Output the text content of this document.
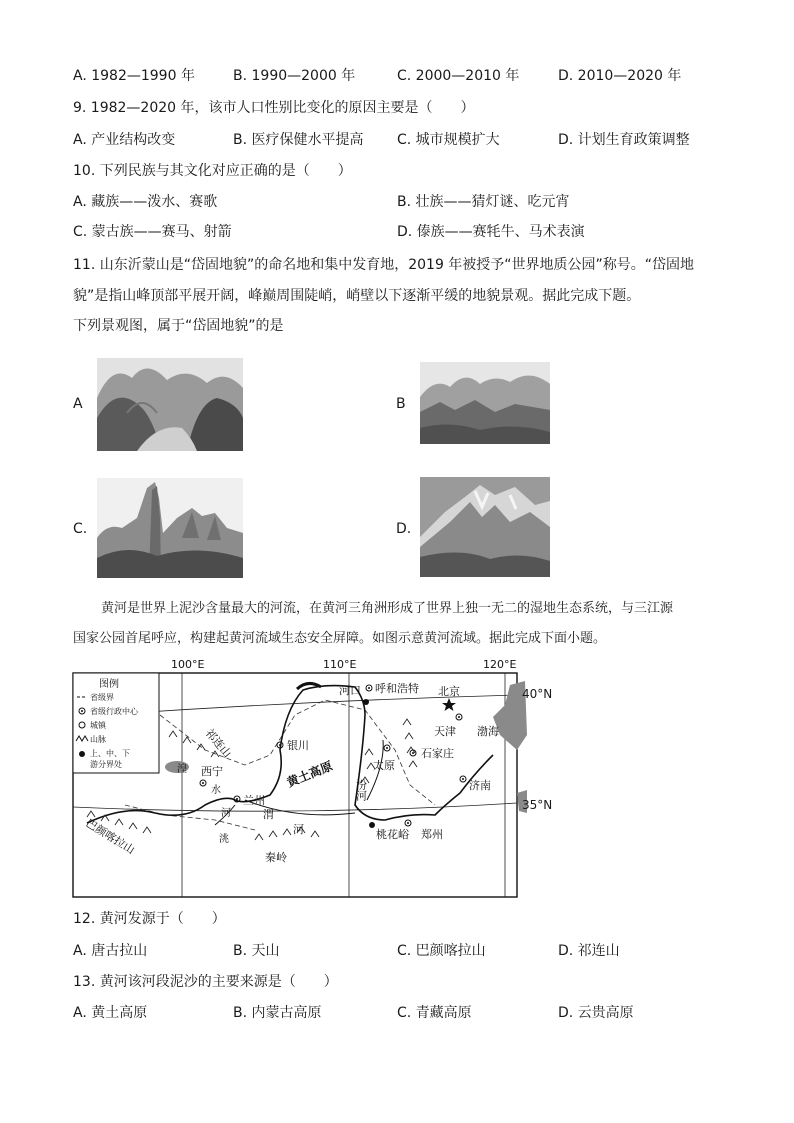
A. 1982—1990 年	B. 1990—2000 年	C. 2000—2010 年	D. 2010—2020 年
9. 1982—2020 年，该市人口性别比变化的原因主要是（　　）
A. 产业结构改变	B. 医疗保健水平提高 C. 城市规模扩大	D. 计划生育政策调整
10. 下列民族与其文化对应正确的是（　　）
A. 藏族——泼水、赛歌	B. 壮族——猜灯谜、吃元宵
C. 蒙古族——赛马、射箭	D. 傣族——赛牦牛、马术表演
11. 山东沂蒙山是“岱固地貌”的命名地和集中发育地，2019 年被授予“世界地质公园”称号。“岱固地
貌”是指山峰顶部平展开阔，峰巅周围陡峭，峭壁以下逐渐平缓的地貌景观。据此完成下题。
下列景观图，属于“岱固地貌”的是
A	B
C.	D.
黄河是世界上泥沙含量最大的河流，在黄河三角洲形成了世界上独一无二的湿地生态系统，与三江源
国家公园首尾呼应，构建起黄河流域生态安全屏障。如图示意黄河流域。据此完成下面小题。
100°E	110°E	120°E
图例
省级界
省级行政中心
城镇
山脉
上、中、下
游分界处
河口 呼和浩特 北京
天津 渤海
银川
石家庄
太原
汾河	济南
西宁
兰州
祁连山
湟
水
河
黄土高原
渭
河
洮
秦岭
巴颜喀拉山	桃花峪 郑州
40°N
35°N
12. 黄河发源于（　　）
A. 唐古拉山	B. 天山	C. 巴颜喀拉山	D. 祁连山
13. 黄河该河段泥沙的主要来源是（　　）
A. 黄土高原	B. 内蒙古高原	C. 青藏高原	D. 云贵高原
